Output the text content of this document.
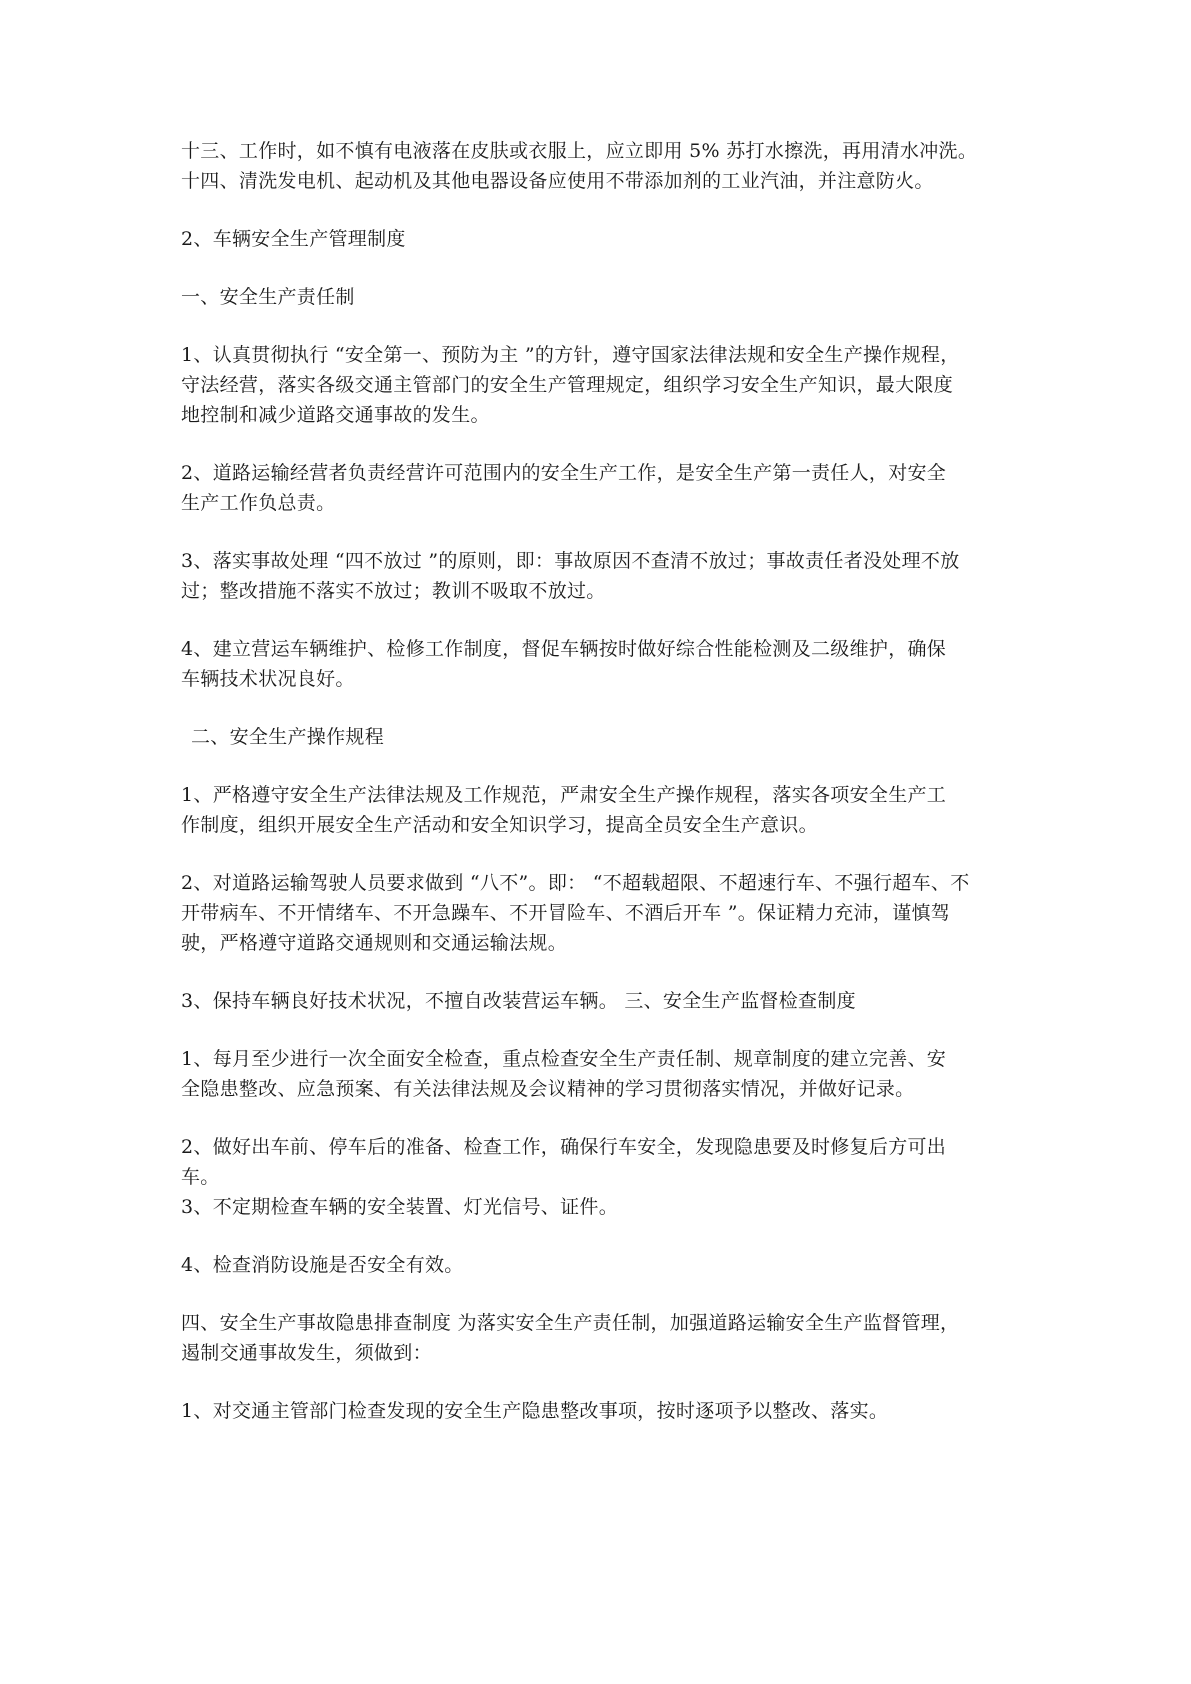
十三、工作时，如不慎有电液落在皮肤或衣服上，应立即用 5% 苏打水擦洗，再用清水冲洗。
十四、清洗发电机、起动机及其他电器设备应使用不带添加剂的工业汽油，并注意防火。
2、车辆安全生产管理制度
一、安全生产责任制
1、认真贯彻执行 “安全第一、预防为主 ”的方针，遵守国家法律法规和安全生产操作规程，
守法经营，落实各级交通主管部门的安全生产管理规定，组织学习安全生产知识，最大限度
地控制和减少道路交通事故的发生。
2、道路运输经营者负责经营许可范围内的安全生产工作，是安全生产第一责任人，对安全
生产工作负总责。
3、落实事故处理 “四不放过 ”的原则，即：事故原因不查清不放过；事故责任者没处理不放
过；整改措施不落实不放过；教训不吸取不放过。
4、建立营运车辆维护、检修工作制度，督促车辆按时做好综合性能检测及二级维护，确保
车辆技术状况良好。
二、安全生产操作规程
1、严格遵守安全生产法律法规及工作规范，严肃安全生产操作规程，落实各项安全生产工
作制度，组织开展安全生产活动和安全知识学习，提高全员安全生产意识。
2、对道路运输驾驶人员要求做到 “八不”。即： “不超载超限、不超速行车、不强行超车、不
开带病车、不开情绪车、不开急躁车、不开冒险车、不酒后开车 ”。保证精力充沛，谨慎驾
驶，严格遵守道路交通规则和交通运输法规。
3、保持车辆良好技术状况，不擅自改装营运车辆。 三、安全生产监督检查制度
1、每月至少进行一次全面安全检查，重点检查安全生产责任制、规章制度的建立完善、安
全隐患整改、应急预案、有关法律法规及会议精神的学习贯彻落实情况，并做好记录。
2、做好出车前、停车后的准备、检查工作，确保行车安全，发现隐患要及时修复后方可出
车。
3、不定期检查车辆的安全装置、灯光信号、证件。
4、检查消防设施是否安全有效。
四、安全生产事故隐患排查制度 为落实安全生产责任制，加强道路运输安全生产监督管理，
遏制交通事故发生，须做到：
1、对交通主管部门检查发现的安全生产隐患整改事项，按时逐项予以整改、落实。
